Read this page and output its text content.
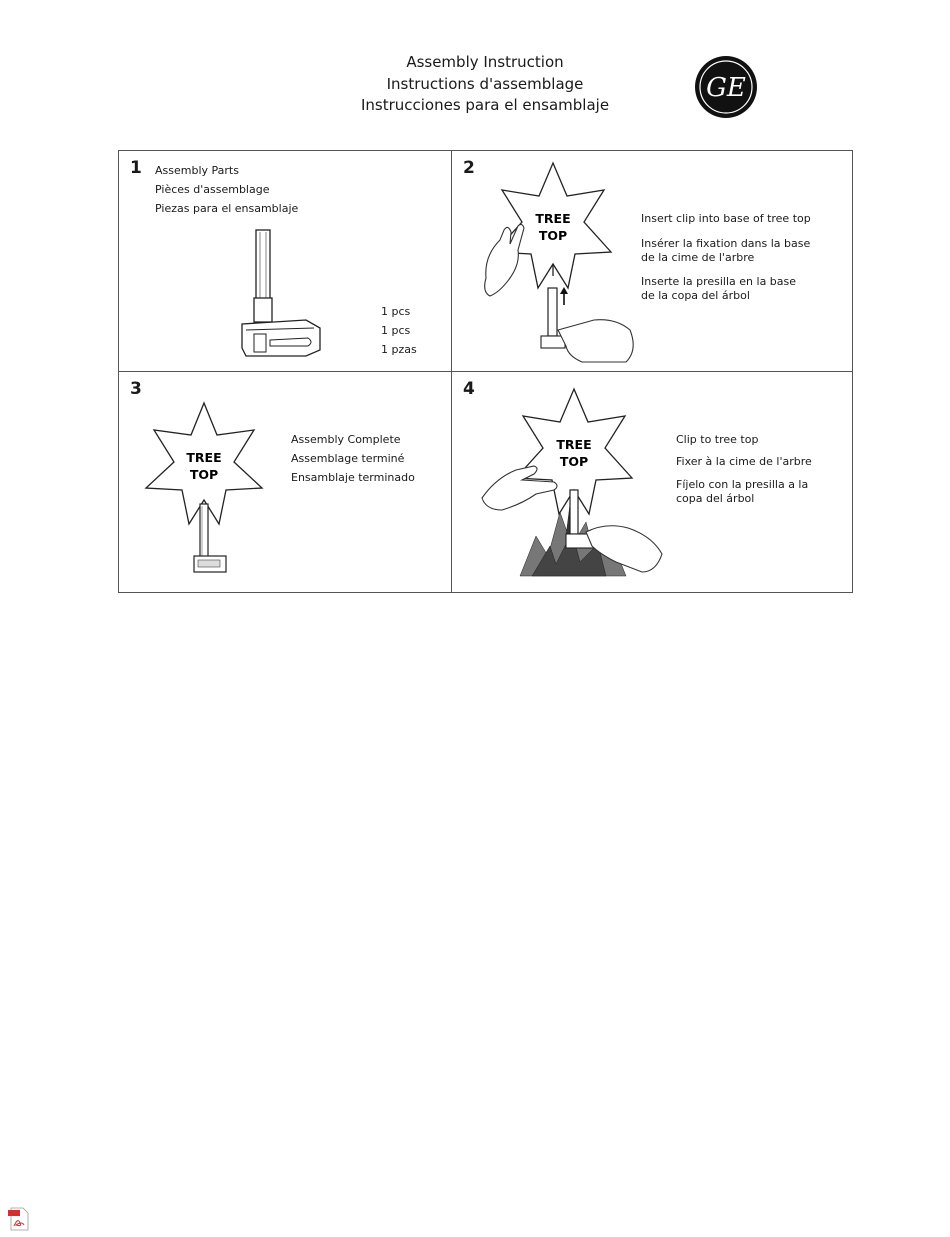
Assembly Instruction
Instructions d'assemblage
Instrucciones para el ensamblaje
GE
1 Assembly Parts
Pièces d'assemblage
Piezas para el ensamblaje
1 pcs
1 pcs
1 pzas
2
TREE
TOP
Insert clip into base of tree top
Insérer la fixation dans la base
de la cime de l'arbre
Inserte la presilla en la base
de la copa del árbol
3
TREE
TOP
Assembly Complete
Assemblage terminé
Ensamblaje terminado
4
TREE
TOP
Clip to tree top
Fixer à la cime de l'arbre
Fíjelo con la presilla a la
copa del árbol
